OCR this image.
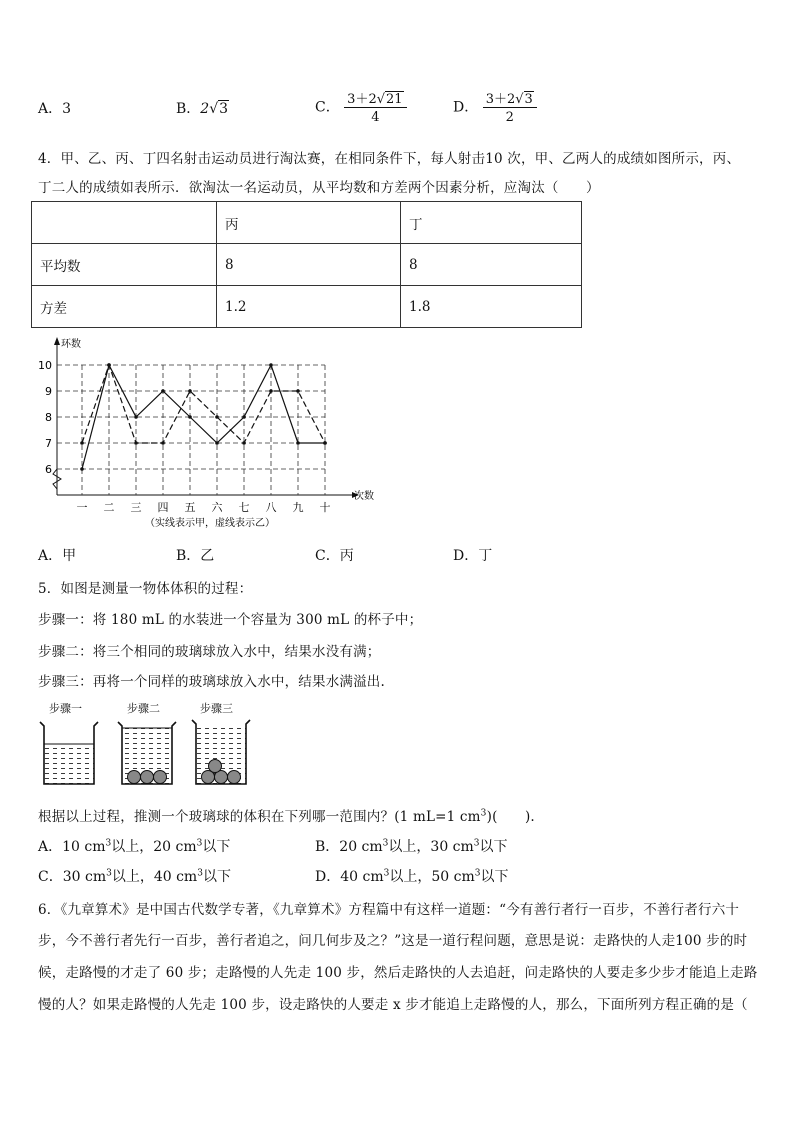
A．3	B．2√3	C． $\frac{3+2√21}{4}$	D． $\frac{3+2√3}{2}$
4．甲、乙、丙、丁四名射击运动员进行淘汰赛，在相同条件下，每人射击10 次，甲、乙两人的成绩如图所示，丙、
丁二人的成绩如表所示．欲淘汰一名运动员，从平均数和方差两个因素分析，应淘汰（　　）
	丙	丁
平均数	8	8
方差	1.2	1.8
6
7
8
9
10
一 二 三 四 五 六 七 八 九 十
环数
次数
（实线表示甲，虚线表示乙）
A．甲	B．乙	C．丙	D．丁
5．如图是测量一物体体积的过程：
步骤一：将 180 mL 的水装进一个容量为 300 mL 的杯子中；
步骤二：将三个相同的玻璃球放入水中，结果水没有满；
步骤三：再将一个同样的玻璃球放入水中，结果水满溢出.
步骤一	步骤二	步骤三
根据以上过程，推测一个玻璃球的体积在下列哪一范围内？(1 mL=1 $cm^3$)(　　).
A．10 $cm^3$以上，20 $cm^3$以下	B．20 $cm^3$以上，30 $cm^3$以下
C．30 $cm^3$以上，40 $cm^3$以下	D．40 $cm^3$以上，50 $cm^3$以下
6．《九章算术》是中国古代数学专著，《九章算术》方程篇中有这样一道题：“今有善行者行一百步，不善行者行六十
步，今不善行者先行一百步，善行者追之，问几何步及之？”这是一道行程问题，意思是说：走路快的人走100 步的时
候，走路慢的才走了 60 步；走路慢的人先走 100 步，然后走路快的人去追赶，问走路快的人要走多少步才能追上走路
慢的人？如果走路慢的人先走 100 步，设走路快的人要走 x 步才能追上走路慢的人，那么，下面所列方程正确的是（
